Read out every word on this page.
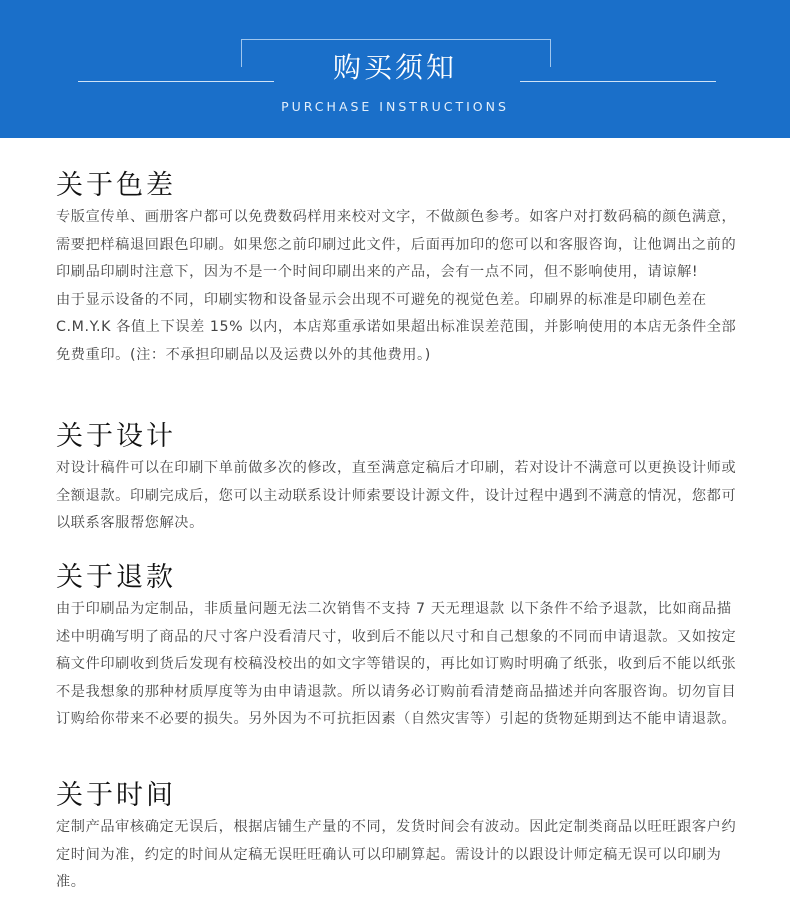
购买须知
PURCHASE INSTRUCTIONS
关于色差

专版宣传单、画册客户都可以免费数码样用来校对文字，不做颜色参考。如客户对打数码稿的颜色满意，需要把样稿退回跟色印刷。如果您之前印刷过此文件，后面再加印的您可以和客服咨询，让他调出之前的印刷品印刷时注意下，因为不是一个时间印刷出来的产品，会有一点不同，但不影响使用，请谅解!

由于显示设备的不同，印刷实物和设备显示会出现不可避免的视觉色差。印刷界的标准是印刷色差在 C.M.Y.K 各值上下误差 15% 以内，本店郑重承诺如果超出标准误差范围，并影响使用的本店无条件全部免费重印。(注：不承担印刷品以及运费以外的其他费用。)

关于设计

对设计稿件可以在印刷下单前做多次的修改，直至满意定稿后才印刷，若对设计不满意可以更换设计师或全额退款。印刷完成后，您可以主动联系设计师索要设计源文件，设计过程中遇到不满意的情况，您都可以联系客服帮您解决。

关于退款

由于印刷品为定制品，非质量问题无法二次销售不支持 7 天无理退款 以下条件不给予退款，比如商品描述中明确写明了商品的尺寸客户没看清尺寸，收到后不能以尺寸和自己想象的不同而申请退款。又如按定稿文件印刷收到货后发现有校稿没校出的如文字等错误的，再比如订购时明确了纸张，收到后不能以纸张不是我想象的那种材质厚度等为由申请退款。所以请务必订购前看清楚商品描述并向客服咨询。切勿盲目订购给你带来不必要的损失。另外因为不可抗拒因素（自然灾害等）引起的货物延期到达不能申请退款。

关于时间

定制产品审核确定无误后，根据店铺生产量的不同，发货时间会有波动。因此定制类商品以旺旺跟客户约定时间为准，约定的时间从定稿无误旺旺确认可以印刷算起。需设计的以跟设计师定稿无误可以印刷为准。
